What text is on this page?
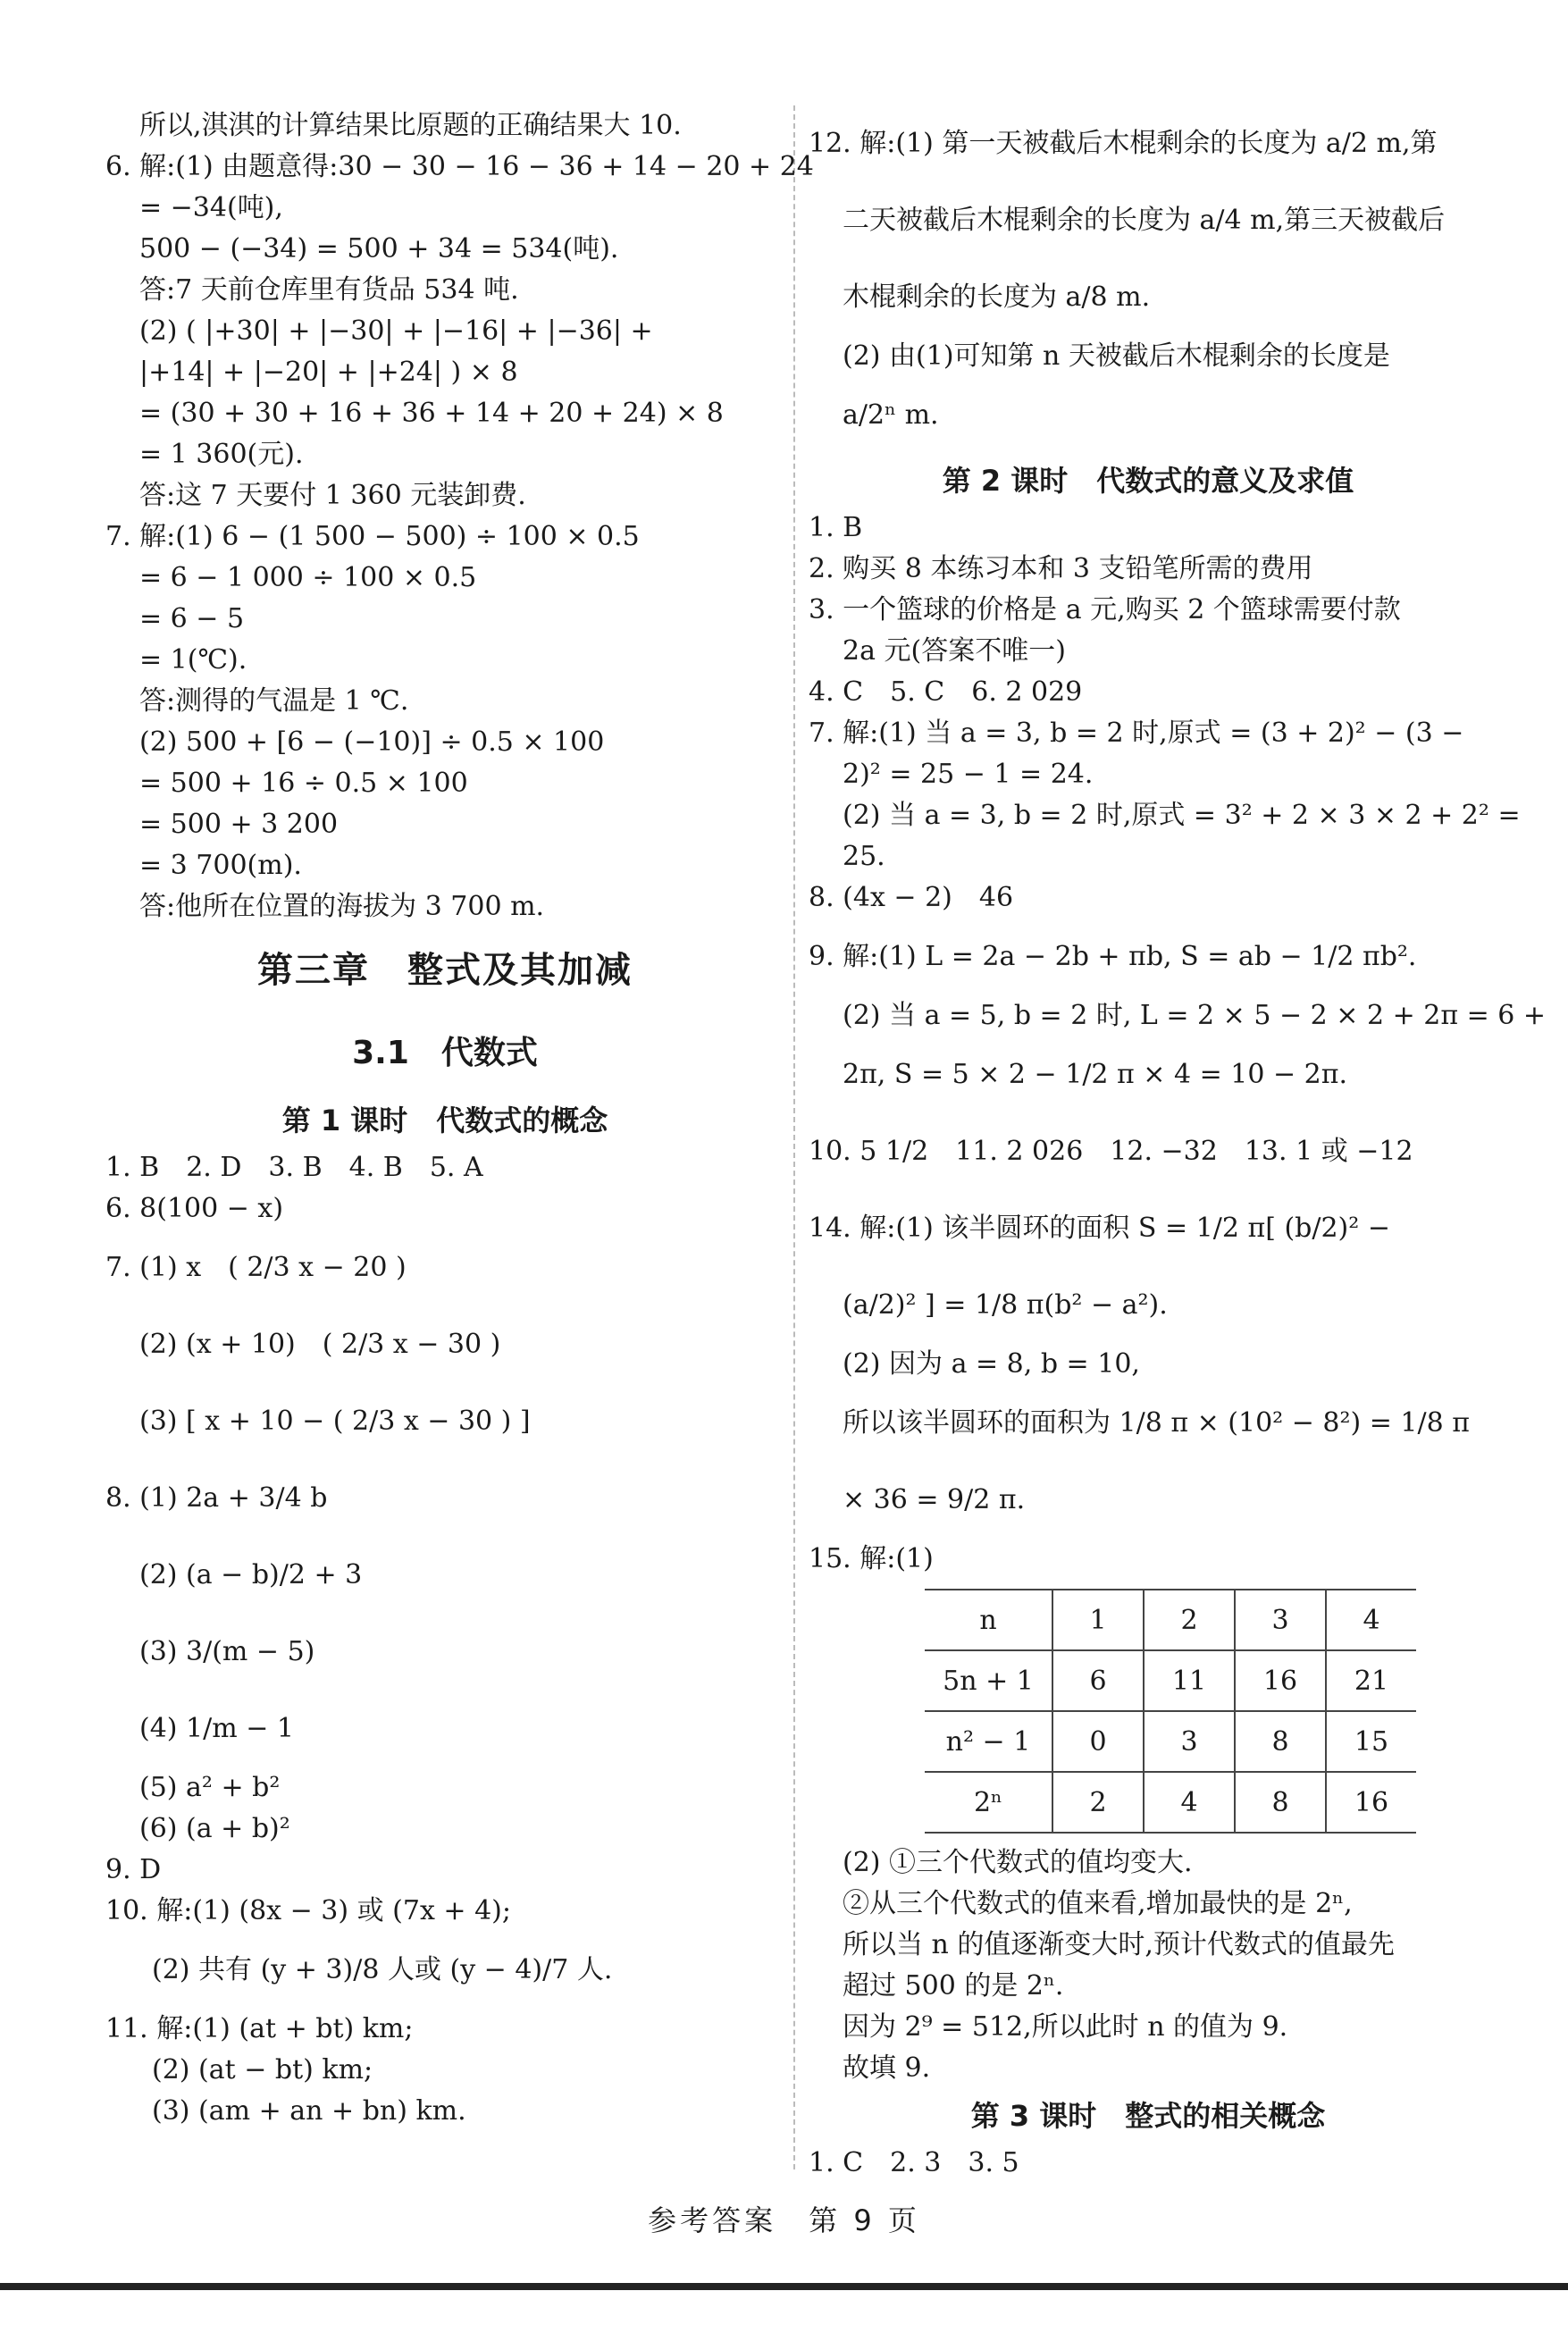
所以,淇淇的计算结果比原题的正确结果大 10.
6. 解:(1) 由题意得:30 − 30 − 16 − 36 + 14 − 20 + 24
= −34(吨),
500 − (−34) = 500 + 34 = 534(吨).
答:7 天前仓库里有货品 534 吨.
(2) ( |+30| + |−30| + |−16| + |−36| +
|+14| + |−20| + |+24| ) × 8
= (30 + 30 + 16 + 36 + 14 + 20 + 24) × 8
= 1 360(元).
答:这 7 天要付 1 360 元装卸费.
7. 解:(1) 6 − (1 500 − 500) ÷ 100 × 0.5
= 6 − 1 000 ÷ 100 × 0.5
= 6 − 5
= 1(℃).
答:测得的气温是 1 ℃.
(2) 500 + [6 − (−10)] ÷ 0.5 × 100
= 500 + 16 ÷ 0.5 × 100
= 500 + 3 200
= 3 700(m).
答:他所在位置的海拔为 3 700 m.
第三章　整式及其加减
3.1　代数式
第 1 课时　代数式的概念
1. B　2. D　3. B　4. B　5. A
6. 8(100 − x)
7. (1) x　( 2/3 x − 20 )
(2) (x + 10)　( 2/3 x − 30 )
(3) [ x + 10 − ( 2/3 x − 30 ) ]
8. (1) 2a + 3/4 b
(2) (a − b)/2 + 3
(3) 3/(m − 5)
(4) 1/m − 1
(5) a² + b²
(6) (a + b)²
9. D
10. 解:(1) (8x − 3) 或 (7x + 4);
(2) 共有 (y + 3)/8 人或 (y − 4)/7 人.
11. 解:(1) (at + bt) km;
(2) (at − bt) km;
(3) (am + an + bn) km.
12. 解:(1) 第一天被截后木棍剩余的长度为 a/2 m,第
二天被截后木棍剩余的长度为 a/4 m,第三天被截后
木棍剩余的长度为 a/8 m.
(2) 由(1)可知第 n 天被截后木棍剩余的长度是
a/2ⁿ m.
第 2 课时　代数式的意义及求值
1. B
2. 购买 8 本练习本和 3 支铅笔所需的费用
3. 一个篮球的价格是 a 元,购买 2 个篮球需要付款
2a 元(答案不唯一)
4. C　5. C　6. 2 029
7. 解:(1) 当 a = 3, b = 2 时,原式 = (3 + 2)² − (3 −
2)² = 25 − 1 = 24.
(2) 当 a = 3, b = 2 时,原式 = 3² + 2 × 3 × 2 + 2² =
25.
8. (4x − 2)　46
9. 解:(1) L = 2a − 2b + πb, S = ab − 1/2 πb².
(2) 当 a = 5, b = 2 时, L = 2 × 5 − 2 × 2 + 2π = 6 +
2π, S = 5 × 2 − 1/2 π × 4 = 10 − 2π.
10. 5 1/2　11. 2 026　12. −32　13. 1 或 −12
14. 解:(1) 该半圆环的面积 S = 1/2 π[ (b/2)² −
(a/2)² ] = 1/8 π(b² − a²).
(2) 因为 a = 8, b = 10,
所以该半圆环的面积为 1/8 π × (10² − 8²) = 1/8 π
× 36 = 9/2 π.
15. 解:(1)
n	1	2	3	4
5n + 1	6	11	16	21
n² − 1	0	3	8	15
2ⁿ	2	4	8	16
(2) ①三个代数式的值均变大.
②从三个代数式的值来看,增加最快的是 2ⁿ,
所以当 n 的值逐渐变大时,预计代数式的值最先
超过 500 的是 2ⁿ.
因为 2⁹ = 512,所以此时 n 的值为 9.
故填 9.
第 3 课时　整式的相关概念
1. C　2. 3　3. 5
参考答案　第 9 页
